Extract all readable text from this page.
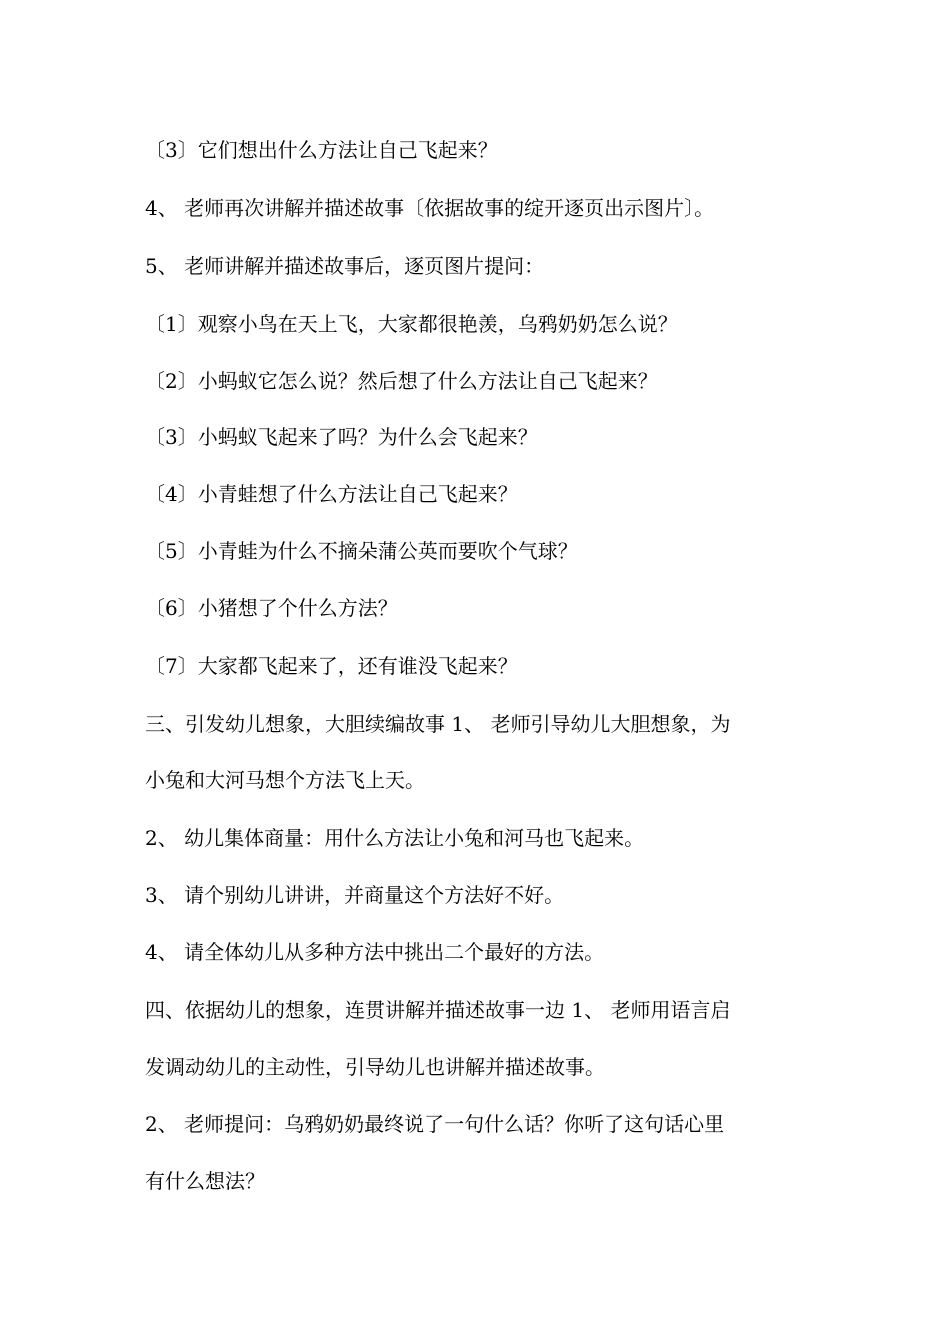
〔3〕它们想出什么方法让自己飞起来？
4、 老师再次讲解并描述故事〔依据故事的绽开逐页出示图片〕。
5、 老师讲解并描述故事后，逐页图片提问：
〔1〕观察小鸟在天上飞，大家都很艳羡，乌鸦奶奶怎么说？
〔2〕小蚂蚁它怎么说？然后想了什么方法让自己飞起来？
〔3〕小蚂蚁飞起来了吗？为什么会飞起来？
〔4〕小青蛙想了什么方法让自己飞起来？
〔5〕小青蛙为什么不摘朵蒲公英而要吹个气球？
〔6〕小猪想了个什么方法？
〔7〕大家都飞起来了，还有谁没飞起来？
三、引发幼儿想象，大胆续编故事 1、 老师引导幼儿大胆想象，为
小兔和大河马想个方法飞上天。
2、 幼儿集体商量：用什么方法让小兔和河马也飞起来。
3、 请个别幼儿讲讲，并商量这个方法好不好。
4、 请全体幼儿从多种方法中挑出二个最好的方法。
四、依据幼儿的想象，连贯讲解并描述故事一边 1、 老师用语言启
发调动幼儿的主动性，引导幼儿也讲解并描述故事。
2、 老师提问：乌鸦奶奶最终说了一句什么话？你听了这句话心里
有什么想法？
